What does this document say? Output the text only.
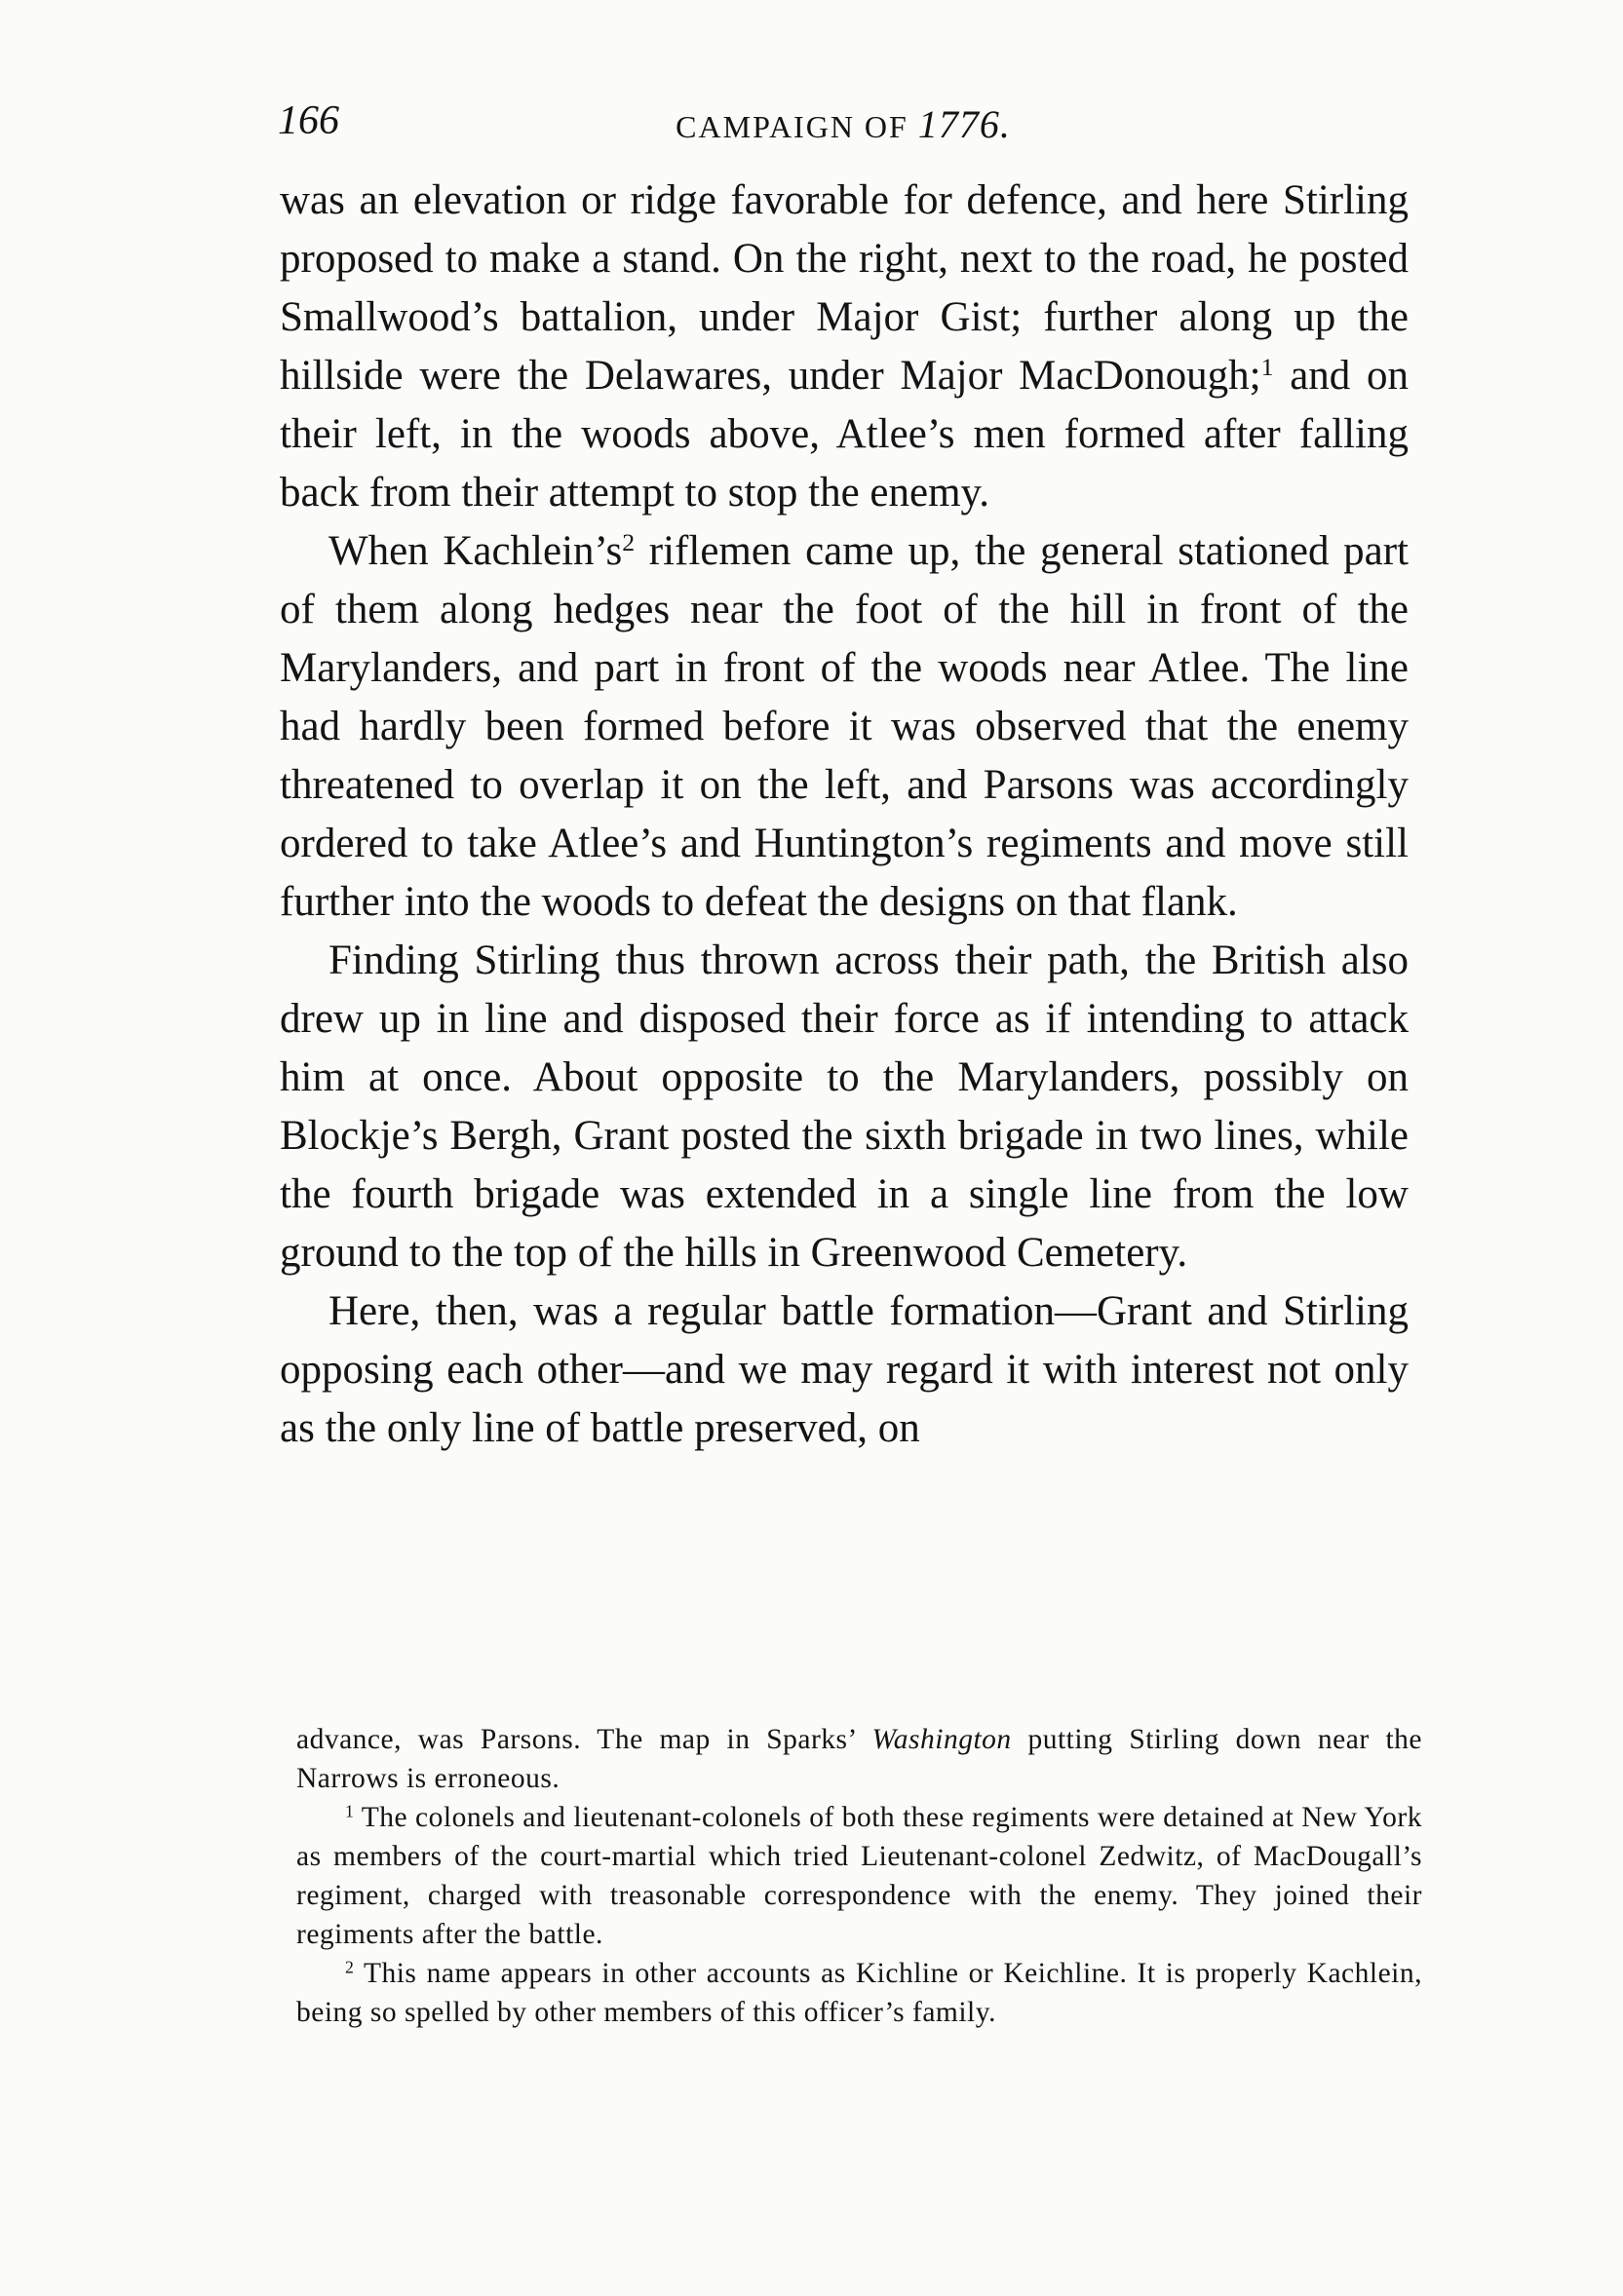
166	CAMPAIGN OF 1776.

was an elevation or ridge favorable for defence, and here Stirling proposed to make a stand. On the right, next to the road, he posted Smallwood’s battalion, under Major Gist; further along up the hillside were the Delawares, under Major MacDonough;$^1$ and on their left, in the woods above, Atlee’s men formed after falling back from their attempt to stop the enemy.

When $Kachlein’s^2$ riflemen came up, the general stationed part of them along hedges near the foot of the hill in front of the Marylanders, and part in front of the woods near Atlee. The line had hardly been formed before it was observed that the enemy threatened to overlap it on the left, and Parsons was accordingly ordered to take Atlee’s and Huntington’s regiments and move still further into the woods to defeat the designs on that flank.

Finding Stirling thus thrown across their path, the British also drew up in line and disposed their force as if intending to attack him at once. About opposite to the Marylanders, possibly on Blockje’s Bergh, Grant posted the sixth brigade in two lines, while the fourth brigade was extended in a single line from the low ground to the top of the hills in Greenwood Cemetery.

Here, then, was a regular battle formation—Grant and Stirling opposing each other—and we may regard it with interest not only as the only line of battle preserved, on

advance, was Parsons. The map in Sparks’ Washington putting Stirling down near the Narrows is erroneous.

$^1$ The colonels and lieutenant-colonels of both these regiments were detained at New York as members of the court-martial which tried Lieutenant-colonel Zedwitz, of MacDougall’s regiment, charged with treasonable correspondence with the enemy. They joined their regiments after the battle.

$^2$ This name appears in other accounts as Kichline or Keichline. It is properly Kachlein, being so spelled by other members of this officer’s family.
